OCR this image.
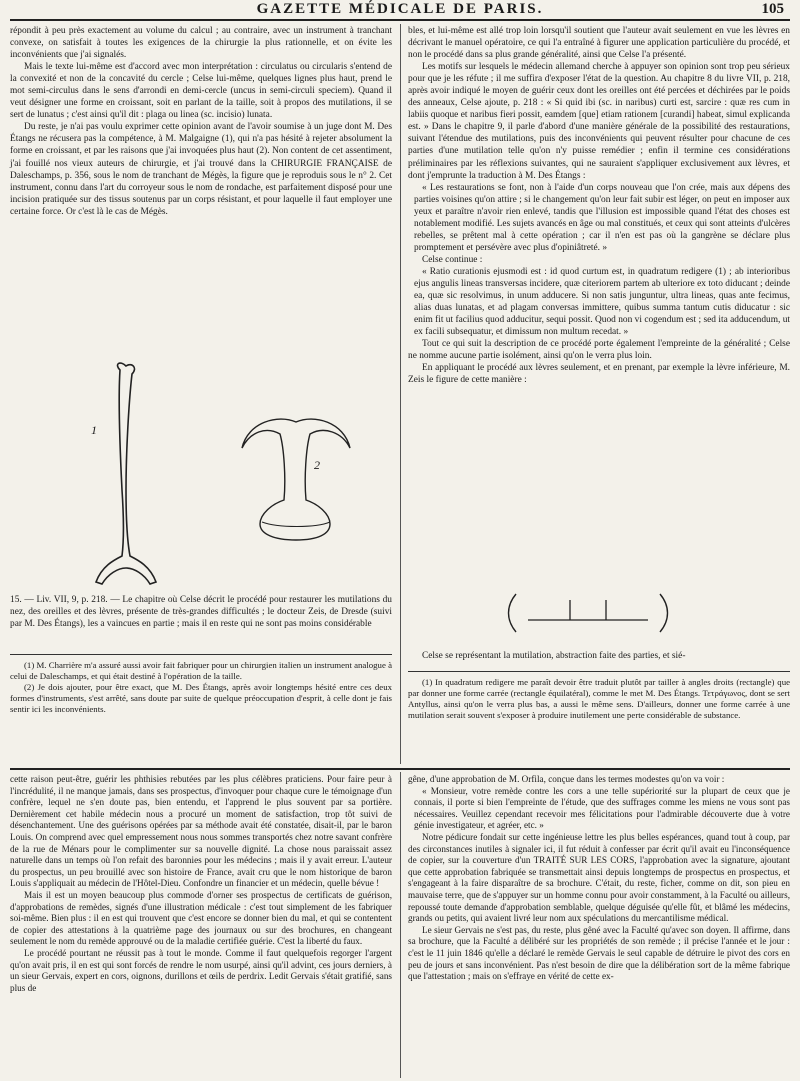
GAZETTE MÉDICALE DE PARIS.	105

répondit à peu près exactement au volume du calcul ; au contraire, avec un instrument à tranchant convexe, on satisfait à toutes les exigences de la chirurgie la plus rationnelle, et on évite les inconvénients que j'ai signalés.

Mais le texte lui-même est d'accord avec mon interprétation : circulatus ou circularis s'entend de la convexité et non de la concavité du cercle ; Celse lui-même, quelques lignes plus haut, prend le mot semi-circulus dans le sens d'arrondi en demi-cercle (uncus in semi-circuli speciem). Quand il veut désigner une forme en croissant, soit en parlant de la taille, soit à propos des mutilations, il se sert de lunatus ; c'est ainsi qu'il dit : plaga ou linea (sc. incisio) lunata.

Du reste, je n'ai pas voulu exprimer cette opinion avant de l'avoir soumise à un juge dont M. Des Étangs ne récusera pas la compétence, à M. Malgaigne (1), qui n'a pas hésité à rejeter absolument la forme en croissant, et par les raisons que j'ai invoquées plus haut (2). Non content de cet assentiment, j'ai fouillé nos vieux auteurs de chirurgie, et j'ai trouvé dans la CHIRURGIE FRANÇAISE de Daleschamps, p. 356, sous le nom de tranchant de Mégès, la figure que je reproduis sous le n° 2. Cet instrument, connu dans l'art du corroyeur sous le nom de rondache, est parfaitement disposé pour une incision pratiquée sur des tissus soutenus par un corps résistant, et pour laquelle il faut employer une certaine force. Or c'est là le cas de Mégès.

1
2

15. — Liv. VII, 9, p. 218. — Le chapitre où Celse décrit le procédé pour restaurer les mutilations du nez, des oreilles et des lèvres, présente de très-grandes difficultés ; le docteur Zeis, de Dresde (suivi par M. Des Étangs), les a vaincues en partie ; mais il en reste qui ne sont pas moins considérable

(1) M. Charrière m'a assuré aussi avoir fait fabriquer pour un chirurgien italien un instrument analogue à celui de Daleschamps, et qui était destiné à l'opération de la taille.

(2) Je dois ajouter, pour être exact, que M. Des Étangs, après avoir longtemps hésité entre ces deux formes d'instruments, s'est arrêté, sans doute par suite de quelque préoccupation d'esprit, à celle dont je fais sentir ici les inconvénients.

bles, et lui-même est allé trop loin lorsqu'il soutient que l'auteur avait seulement en vue les lèvres en décrivant le manuel opératoire, ce qui l'a entraîné à figurer une application particulière du procédé, et non le procédé dans sa plus grande généralité, ainsi que Celse l'a présenté.

Les motifs sur lesquels le médecin allemand cherche à appuyer son opinion sont trop peu sérieux pour que je les réfute ; il me suffira d'exposer l'état de la question. Au chapitre 8 du livre VII, p. 218, après avoir indiqué le moyen de guérir ceux dont les oreilles ont été percées et déchirées par le poids des anneaux, Celse ajoute, p. 218 : « Si quid ibi (sc. in naribus) curti est, sarcire : quæ res cum in labiis quoque et naribus fieri possit, eamdem [que] etiam rationem [curandi] habeat, simul explicanda est. » Dans le chapitre 9, il parle d'abord d'une manière générale de la possibilité des restaurations, suivant l'étendue des mutilations, puis des inconvénients qui peuvent résulter pour chacune de ces parties d'une mutilation telle qu'on n'y puisse remédier ; enfin il termine ces considérations préliminaires par les réflexions suivantes, qui ne sauraient s'appliquer exclusivement aux lèvres, et dont j'emprunte la traduction à M. Des Étangs :

« Les restaurations se font, non à l'aide d'un corps nouveau que l'on crée, mais aux dépens des parties voisines qu'on attire ; si le changement qu'on leur fait subir est léger, on peut en imposer aux yeux et paraître n'avoir rien enlevé, tandis que l'illusion est impossible quand l'état des choses est notablement modifié. Les sujets avancés en âge ou mal constitués, et ceux qui sont atteints d'ulcères rebelles, se prêtent mal à cette opération ; car il n'en est pas où la gangrène se déclare plus promptement et persévère avec plus d'opiniâtreté. »

Celse continue :

« Ratio curationis ejusmodi est : id quod curtum est, in quadratum redigere (1) ; ab interioribus ejus angulis lineas transversas incidere, quæ citeriorem partem ab ulteriore ex toto diducant ; deinde ea, quæ sic resolvimus, in unum adducere. Si non satis junguntur, ultra lineas, quas ante fecimus, alias duas lunatas, et ad plagam conversas immittere, quibus summa tantum cutis diducatur : sic enim fit ut facilius quod adducitur, sequi possit. Quod non vi cogendum est ; sed ita adducendum, ut ex facili subsequatur, et dimissum non multum recedat. »

Tout ce qui suit la description de ce procédé porte également l'empreinte de la généralité ; Celse ne nomme aucune partie isolément, ainsi qu'on le verra plus loin.

En appliquant le procédé aux lèvres seulement, et en prenant, par exemple la lèvre inférieure, M. Zeis le figure de cette manière :

Celse se représentant la mutilation, abstraction faite des parties, et sié-

(1) In quadratum redigere me paraît devoir être traduit plutôt par tailler à angles droits (rectangle) que par donner une forme carrée (rectangle équilatéral), comme le met M. Des Étangs. Τετράγωνος, dont se sert Antyllus, ainsi qu'on le verra plus bas, a aussi le même sens. D'ailleurs, donner une forme carrée à une mutilation serait souvent s'exposer à produire inutilement une perte considérable de substance.

cette raison peut-être, guérir les phthisies rebutées par les plus célèbres praticiens. Pour faire peur à l'incrédulité, il ne manque jamais, dans ses prospectus, d'invoquer pour chaque cure le témoignage d'un confrère, lequel ne s'en doute pas, bien entendu, et l'apprend le plus souvent par sa portière. Dernièrement cet habile médecin nous a procuré un moment de satisfaction, trop tôt suivi de désenchantement. Une des guérisons opérées par sa méthode avait été constatée, disait-il, par le baron Louis. On comprend avec quel empressement nous nous sommes transportés chez notre savant confrère de la rue de Ménars pour le complimenter sur sa nouvelle dignité. La chose nous paraissait assez naturelle dans un temps où l'on refait des baronnies pour les médecins ; mais il y avait erreur. L'auteur du prospectus, un peu brouillé avec son histoire de France, avait cru que le nom historique de baron Louis s'appliquait au médecin de l'Hôtel-Dieu. Confondre un financier et un médecin, quelle bévue !

Mais il est un moyen beaucoup plus commode d'orner ses prospectus de certificats de guérison, d'approbations de remèdes, signés d'une illustration médicale : c'est tout simplement de les fabriquer soi-même. Bien plus : il en est qui trouvent que c'est encore se donner bien du mal, et qui se contentent de copier des attestations à la quatrième page des journaux ou sur des brochures, en changeant seulement le nom du remède approuvé ou de la maladie certifiée guérie. C'est la liberté du faux.

Le procédé pourtant ne réussit pas à tout le monde. Comme il faut quelquefois regorger l'argent qu'on avait pris, il en est qui sont forcés de rendre le nom usurpé, ainsi qu'il advint, ces jours derniers, à un sieur Gervais, expert en cors, oignons, durillons et œils de perdrix. Ledit Gervais s'était gratifié, sans plus de

gêne, d'une approbation de M. Orfila, conçue dans les termes modestes qu'on va voir :

« Monsieur, votre remède contre les cors a une telle supériorité sur la plupart de ceux que je connais, il porte si bien l'empreinte de l'étude, que des suffrages comme les miens ne vous sont pas nécessaires. Veuillez cependant recevoir mes félicitations pour l'admirable découverte due à votre génie investigateur, et agréer, etc. »

Notre pédicure fondait sur cette ingénieuse lettre les plus belles espérances, quand tout à coup, par des circonstances inutiles à signaler ici, il fut réduit à confesser par écrit qu'il avait eu l'inconséquence de copier, sur la couverture d'un TRAITÉ SUR LES CORS, l'approbation avec la signature, ajoutant que cette approbation fabriquée se transmettait ainsi depuis longtemps de prospectus en prospectus, et s'engageant à la faire disparaître de sa brochure. C'était, du reste, ficher, comme on dit, son pieu en mauvaise terre, que de s'appuyer sur un homme connu pour avoir constamment, à la Faculté ou ailleurs, repoussé toute demande d'approbation semblable, quelque déguisée qu'elle fût, et blâmé les médecins, grands ou petits, qui avaient livré leur nom aux spéculations du mercantilisme médical.

Le sieur Gervais ne s'est pas, du reste, plus gêné avec la Faculté qu'avec son doyen. Il affirme, dans sa brochure, que la Faculté a délibéré sur les propriétés de son remède ; il précise l'année et le jour : c'est le 11 juin 1846 qu'elle a déclaré le remède Gervais le seul capable de détruire le pivot des cors en peu de jours et sans inconvénient. Pas n'est besoin de dire que la délibération sort de la même fabrique que l'attestation ; mais on s'effraye en vérité de cette ex-
